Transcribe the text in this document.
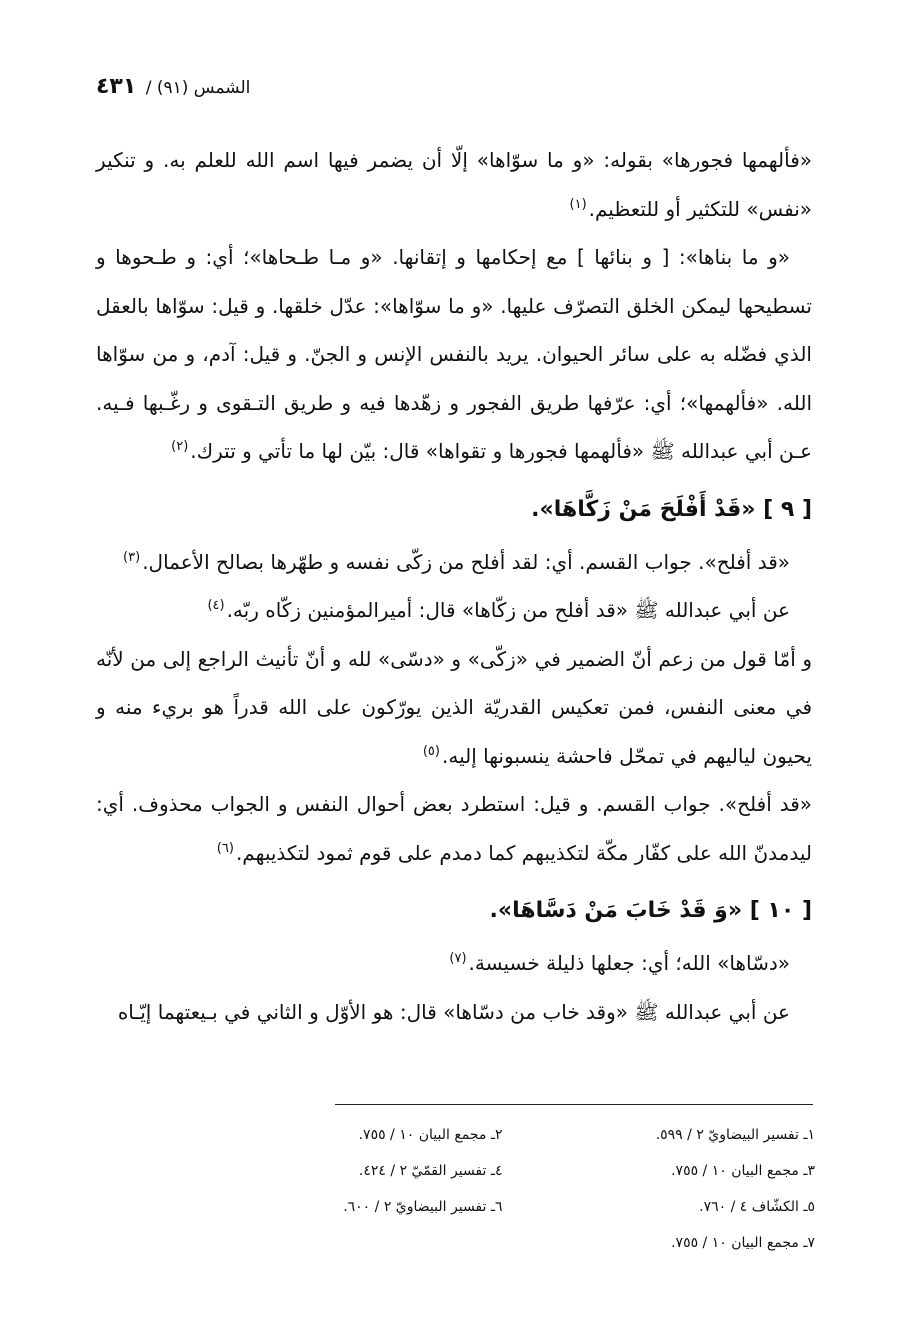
الشمس (٩١) / ٤٣١

«فألهمها فجورها» بقوله: «و ما سوّاها» إلّا أن يضمر فيها اسم الله للعلم به. و تنكير «نفس» للتكثير أو للتعظيم.$^{(١)}$

«و ما بناها»: [ و بنائها ] مع إحكامها و إتقانها. «و مـا طـحاها»؛ أي: و طـحوها و تسطيحها ليمكن الخلق التصرّف عليها. «و ما سوّاها»: عدّل خلقها. و قيل: سوّاها بالعقل الذي فضّله به على سائر الحيوان. يريد بالنفس الإنس و الجنّ. و قيل: آدم، و من سوّاها الله. «فألهمها»؛ أي: عرّفها طريق الفجور و زهّدها فيه و طريق التـقوى و رغّـبها فـيه. عـن أبي عبدالله ﷺ «فألهمها فجورها و تقواها» قال: بيّن لها ما تأتي و تترك.$^{(٢)}$

[ ٩ ] «قَدْ أَفْلَحَ مَنْ زَكَّاهَا».

«قد أفلح». جواب القسم. أي: لقد أفلح من زكّى نفسه و طهّرها بصالح الأعمال.$^{(٣)}$

عن أبي عبدالله ﷺ «قد أفلح من زكّاها» قال: أميرالمؤمنين زكّاه ربّه.$^{(٤)}$

و أمّا قول من زعم أنّ الضمير في «زكّى» و «دسّى» لله و أنّ تأنيث الراجع إلى من لأنّه في معنى النفس، فمن تعكيس القدريّة الذين يورّكون على الله قدراً هو بريء منه و يحيون لياليهم في تمحّل فاحشة ينسبونها إليه.$^{(٥)}$

«قد أفلح». جواب القسم. و قيل: استطرد بعض أحوال النفس و الجواب محذوف. أي: ليدمدنّ الله على كفّار مكّة لتكذيبهم كما دمدم على قوم ثمود لتكذيبهم.$^{(٦)}$

[ ١٠ ] «وَ قَدْ خَابَ مَنْ دَسَّاهَا».

«دسّاها» الله؛ أي: جعلها ذليلة خسيسة.$^{(٧)}$

عن أبي عبدالله ﷺ «وقد خاب من دسّاها» قال: هو الأوّل و الثاني في بـيعتهما إيّـاه

١ـ تفسير البيضاويّ ٢ / ٥٩٩.
٢ـ مجمع البيان ١٠ / ٧٥٥.
٣ـ مجمع البيان ١٠ / ٧٥٥.
٤ـ تفسير القمّيّ ٢ / ٤٢٤.
٥ـ الكشّاف ٤ / ٧٦٠.
٦ـ تفسير البيضاويّ ٢ / ٦٠٠.
٧ـ مجمع البيان ١٠ / ٧٥٥.
